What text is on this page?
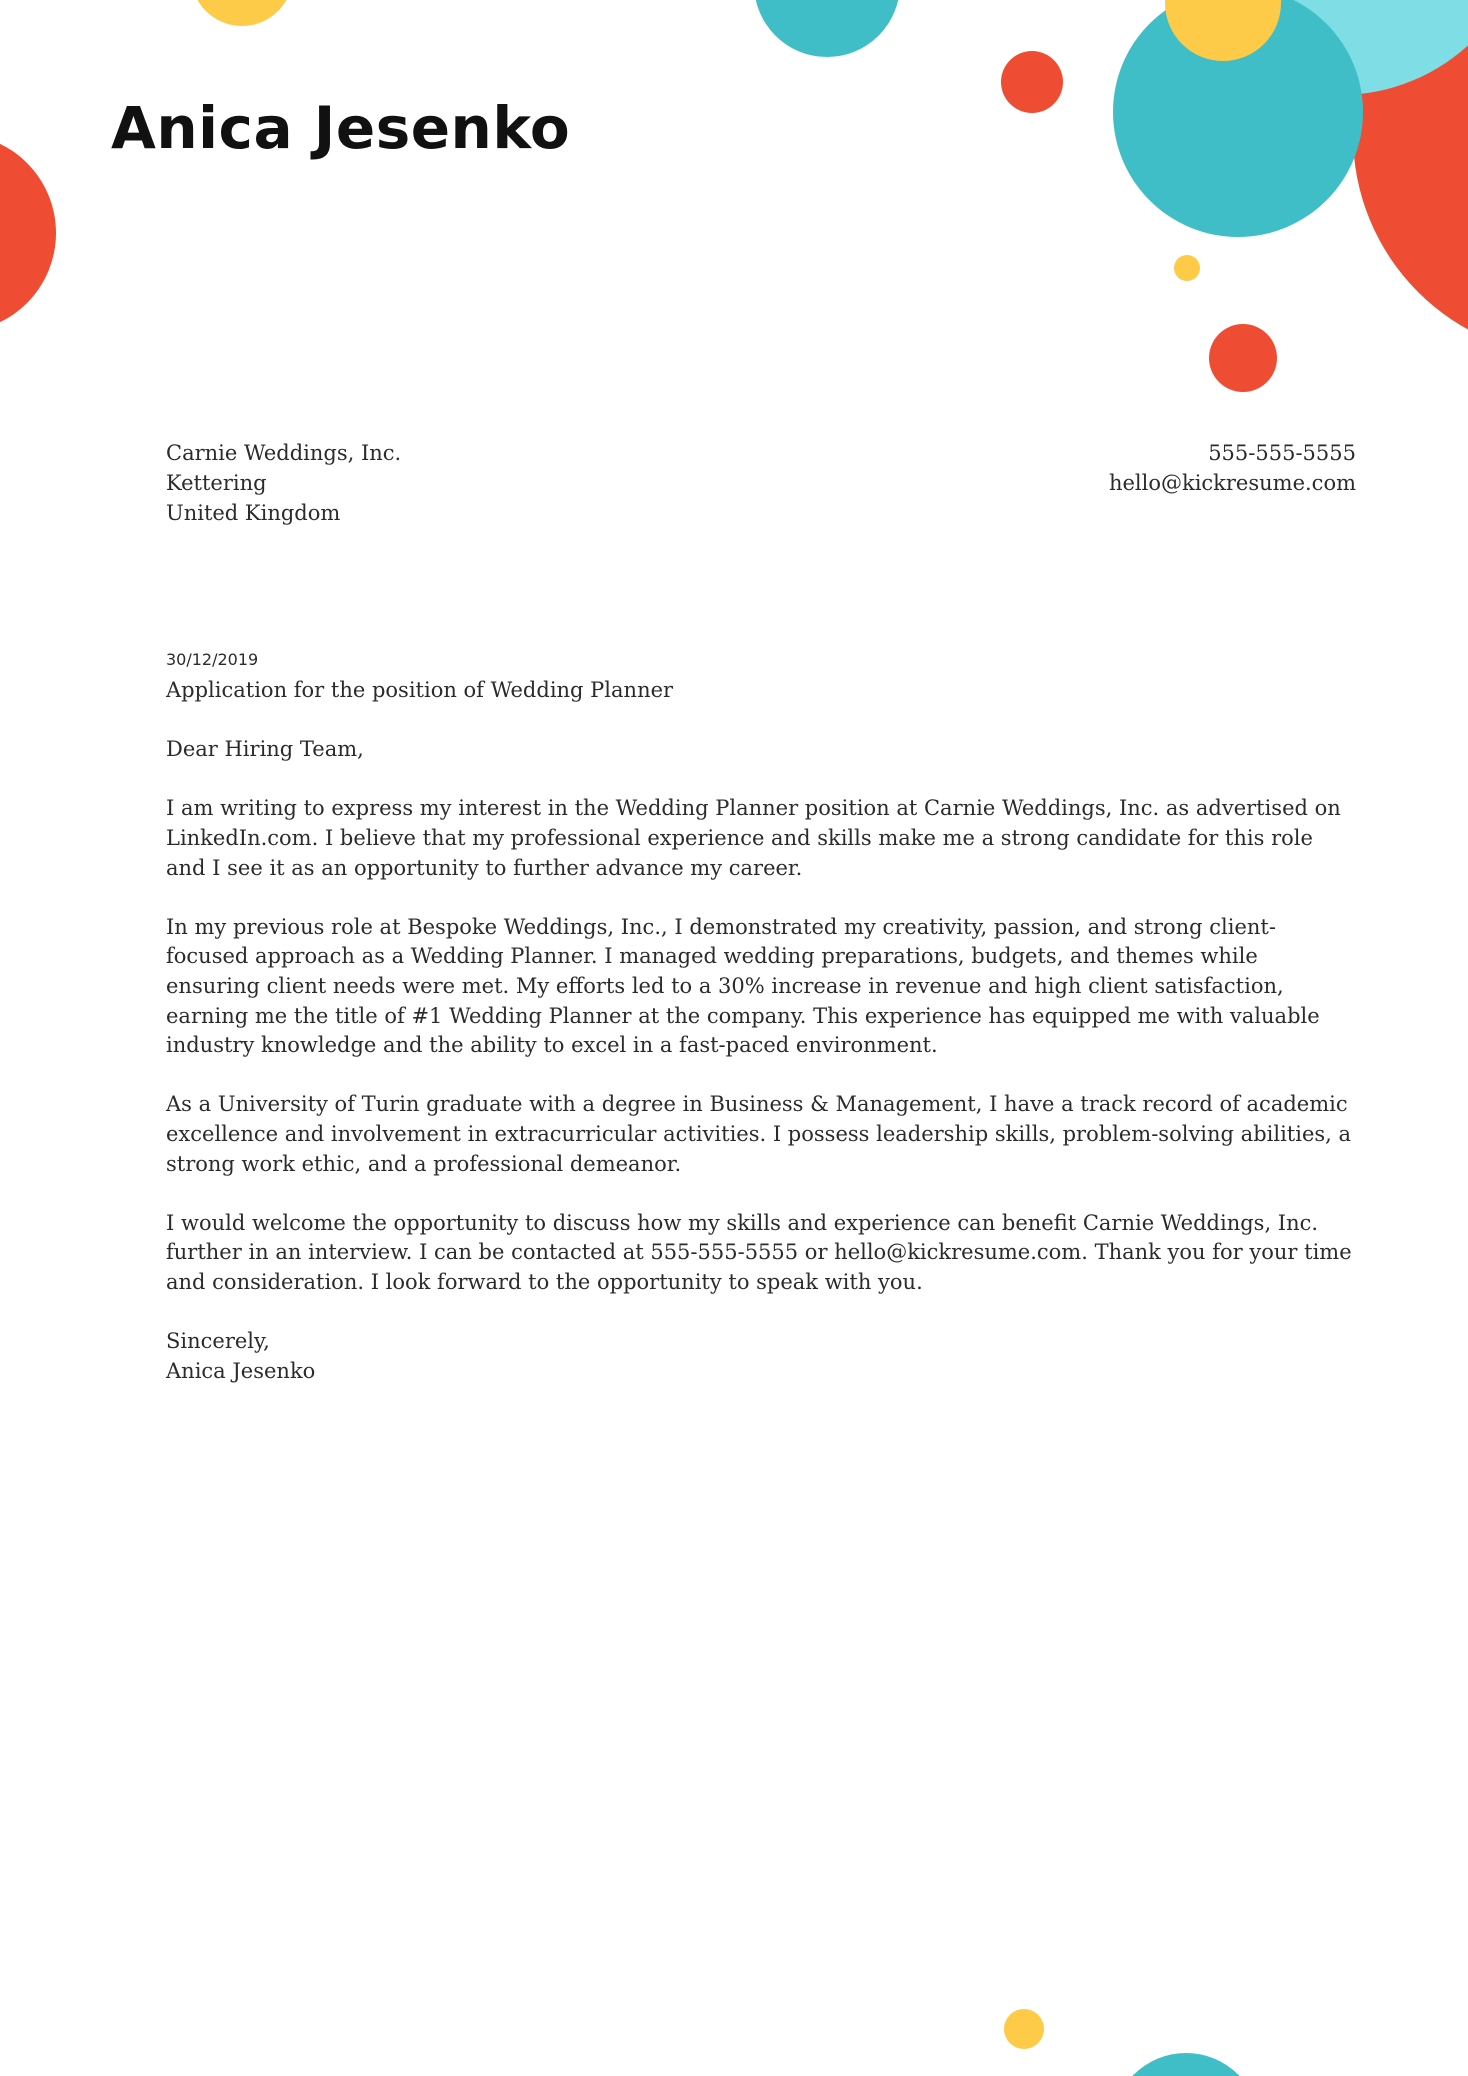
Anica Jesenko
Carnie Weddings, Inc.
Kettering
United Kingdom
555-555-5555
hello@kickresume.com
30/12/2019

Application for the position of Wedding Planner

Dear Hiring Team,

I am writing to express my interest in the Wedding Planner position at Carnie Weddings, Inc. as advertised on LinkedIn.com. I believe that my professional experience and skills make me a strong candidate for this role and I see it as an opportunity to further advance my career.

In my previous role at Bespoke Weddings, Inc., I demonstrated my creativity, passion, and strong client-focused approach as a Wedding Planner. I managed wedding preparations, budgets, and themes while ensuring client needs were met. My efforts led to a 30% increase in revenue and high client satisfaction, earning me the title of #1 Wedding Planner at the company. This experience has equipped me with valuable industry knowledge and the ability to excel in a fast-paced environment.

As a University of Turin graduate with a degree in Business & Management, I have a track record of academic excellence and involvement in extracurricular activities. I possess leadership skills, problem-solving abilities, a strong work ethic, and a professional demeanor.

I would welcome the opportunity to discuss how my skills and experience can benefit Carnie Weddings, Inc. further in an interview. I can be contacted at 555-555-5555 or hello@kickresume.com. Thank you for your time and consideration. I look forward to the opportunity to speak with you.

Sincerely,
Anica Jesenko
